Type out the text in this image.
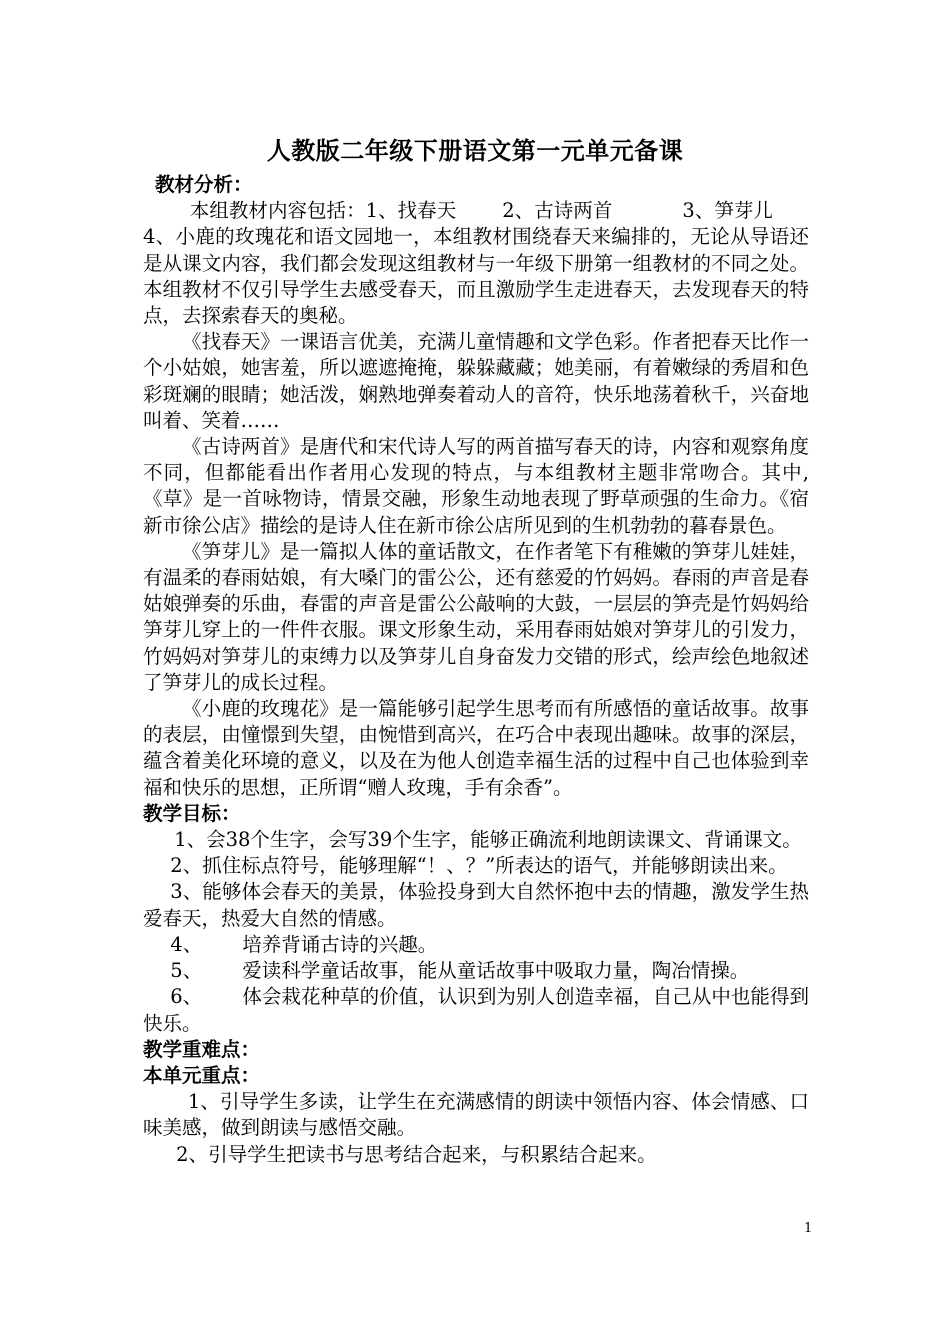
人教版二年级下册语文第一元单元备课

教材分析：

本组教材内容包括：1、找春天 2、古诗两首	3、笋芽儿4、小鹿的玫瑰花和语文园地一，本组教材围绕春天来编排的，无论从导语还是从课文内容，我们都会发现这组教材与一年级下册第一组教材的不同之处。本组教材不仅引导学生去感受春天，而且激励学生走进春天，去发现春天的特点，去探索春天的奥秘。

《找春天》一课语言优美，充满儿童情趣和文学色彩。作者把春天比作一个小姑娘，她害羞，所以遮遮掩掩，躲躲藏藏；她美丽，有着嫩绿的秀眉和色彩斑斓的眼睛；她活泼，娴熟地弹奏着动人的音符，快乐地荡着秋千，兴奋地叫着、笑着……

《古诗两首》是唐代和宋代诗人写的两首描写春天的诗，内容和观察角度不同，但都能看出作者用心发现的特点，与本组教材主题非常吻合。其中,《草》是一首咏物诗，情景交融，形象生动地表现了野草顽强的生命力。《宿新市徐公店》描绘的是诗人住在新市徐公店所见到的生机勃勃的暮春景色。

《笋芽儿》是一篇拟人体的童话散文，在作者笔下有稚嫩的笋芽儿娃娃，有温柔的春雨姑娘，有大嗓门的雷公公，还有慈爱的竹妈妈。春雨的声音是春姑娘弹奏的乐曲，春雷的声音是雷公公敲响的大鼓，一层层的笋壳是竹妈妈给笋芽儿穿上的一件件衣服。课文形象生动，采用春雨姑娘对笋芽儿的引发力，竹妈妈对笋芽儿的束缚力以及笋芽儿自身奋发力交错的形式，绘声绘色地叙述了笋芽儿的成长过程。

《小鹿的玫瑰花》是一篇能够引起学生思考而有所感悟的童话故事。故事的表层，由憧憬到失望，由惋惜到高兴，在巧合中表现出趣味。故事的深层，蕴含着美化环境的意义，以及在为他人创造幸福生活的过程中自己也体验到幸福和快乐的思想，正所谓“赠人玫瑰，手有余香”。

教学目标：

1、会38个生字，会写39个生字，能够正确流利地朗读课文、背诵课文。

2、抓住标点符号，能够理解“！、？”所表达的语气，并能够朗读出来。

3、能够体会春天的美景，体验投身到大自然怀抱中去的情趣，激发学生热爱春天，热爱大自然的情感。

4、 培养背诵古诗的兴趣。

5、 爱读科学童话故事，能从童话故事中吸取力量，陶冶情操。

6、 体会栽花种草的价值，认识到为别人创造幸福，自己从中也能得到快乐。

教学重难点：

本单元重点：

1、引导学生多读，让学生在充满感情的朗读中领悟内容、体会情感、口味美感，做到朗读与感悟交融。

2、引导学生把读书与思考结合起来，与积累结合起来。

1
